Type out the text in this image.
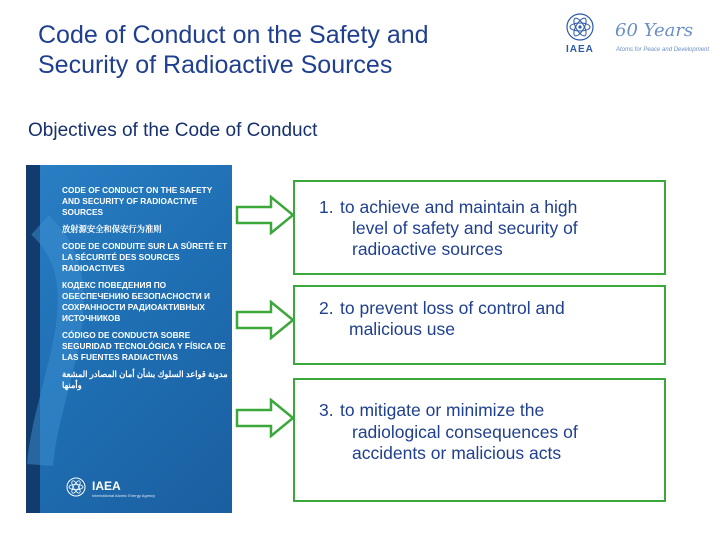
Code of Conduct on the Safety and
Security of Radioactive Sources
IAEA
60 Years
Atoms for Peace and Development
Objectives of the Code of Conduct

CODE OF CONDUCT ON THE SAFETY AND SECURITY OF RADIOACTIVE SOURCES

放射源安全和保安行为准则

CODE DE CONDUITE SUR LA SÛRETÉ ET LA SÉCURITÉ DES SOURCES RADIOACTIVES

КОДЕКС ПОВЕДЕНИЯ ПО ОБЕСПЕЧЕНИЮ БЕЗОПАСНОСТИ И СОХРАННОСТИ РАДИОАКТИВНЫХ ИСТОЧНИКОВ

CÓDIGO DE CONDUCTA SOBRE SEGURIDAD TECNOLÓGICA Y FÍSICA DE LAS FUENTES RADIACTIVAS

مدونة قواعد السلوك بشأن أمان المصادر المشعة وأمنها

IAEA
International Atomic Energy Agency
1. to achieve and maintain a high
level of safety and security of
radioactive sources
2. to prevent loss of control and
malicious use
3. to mitigate or minimize the
radiological consequences of
accidents or malicious acts
